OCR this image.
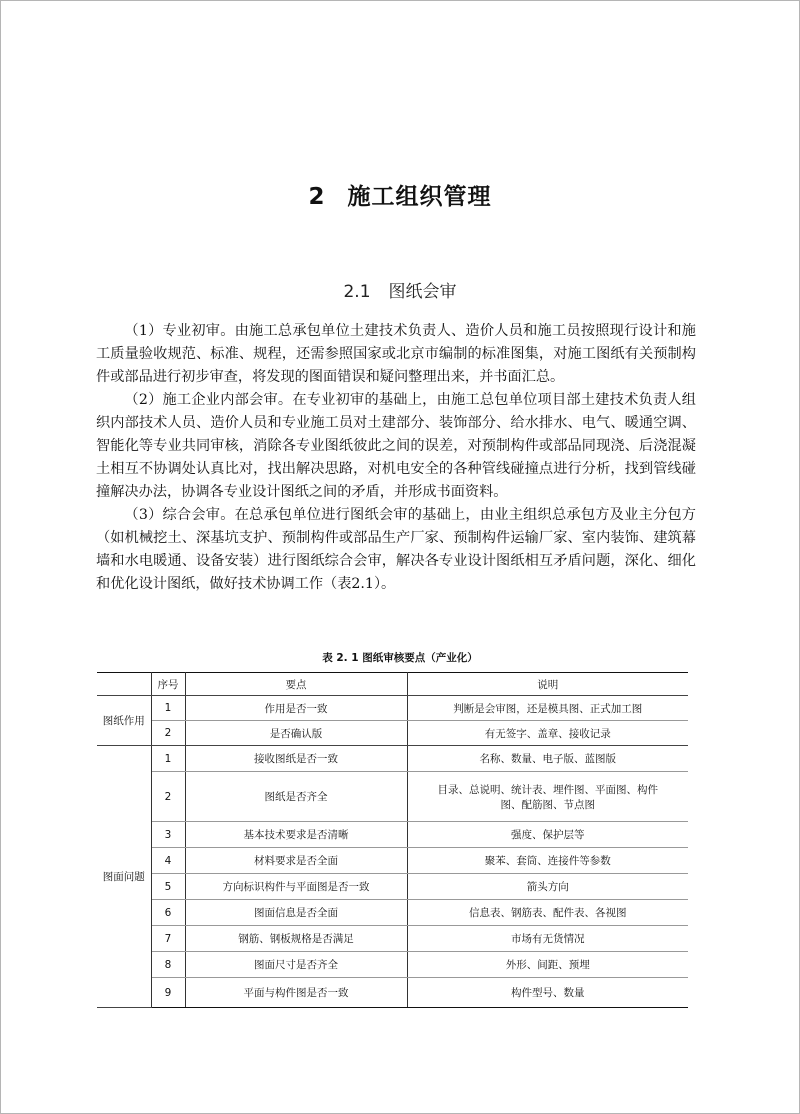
2 施工组织管理
2.1 图纸会审

（1）专业初审。由施工总承包单位土建技术负责人、造价人员和施工员按照现行设计和施工质量验收规范、标准、规程，还需参照国家或北京市编制的标准图集，对施工图纸有关预制构件或部品进行初步审查，将发现的图面错误和疑问整理出来，并书面汇总。

（2）施工企业内部会审。在专业初审的基础上，由施工总包单位项目部土建技术负责人组织内部技术人员、造价人员和专业施工员对土建部分、装饰部分、给水排水、电气、暖通空调、智能化等专业共同审核，消除各专业图纸彼此之间的误差，对预制构件或部品同现浇、后浇混凝土相互不协调处认真比对，找出解决思路，对机电安全的各种管线碰撞点进行分析，找到管线碰撞解决办法，协调各专业设计图纸之间的矛盾，并形成书面资料。

（3）综合会审。在总承包单位进行图纸会审的基础上，由业主组织总承包方及业主分包方（如机械挖土、深基坑支护、预制构件或部品生产厂家、预制构件运输厂家、室内装饰、建筑幕墙和水电暖通、设备安装）进行图纸综合会审，解决各专业设计图纸相互矛盾问题，深化、细化和优化设计图纸，做好技术协调工作（表2.1）。

表 2. 1 图纸审核要点（产业化）
	序号	要点	说明
图纸作用	1	作用是否一致	判断是会审图，还是模具图、正式加工图
	2	是否确认版	有无签字、盖章、接收记录
图面问题	1	接收图纸是否一致	名称、数量、电子版、蓝图版
	2	图纸是否齐全	目录、总说明、统计表、埋件图、平面图、构件图、配筋图、节点图
	3	基本技术要求是否清晰	强度、保护层等
	4	材料要求是否全面	聚苯、套筒、连接件等参数
	5	方向标识构件与平面图是否一致	箭头方向
	6	图面信息是否全面	信息表、钢筋表、配件表、各视图
	7	钢筋、钢板规格是否满足	市场有无货情况
	8	图面尺寸是否齐全	外形、间距、预埋
	9	平面与构件图是否一致	构件型号、数量
